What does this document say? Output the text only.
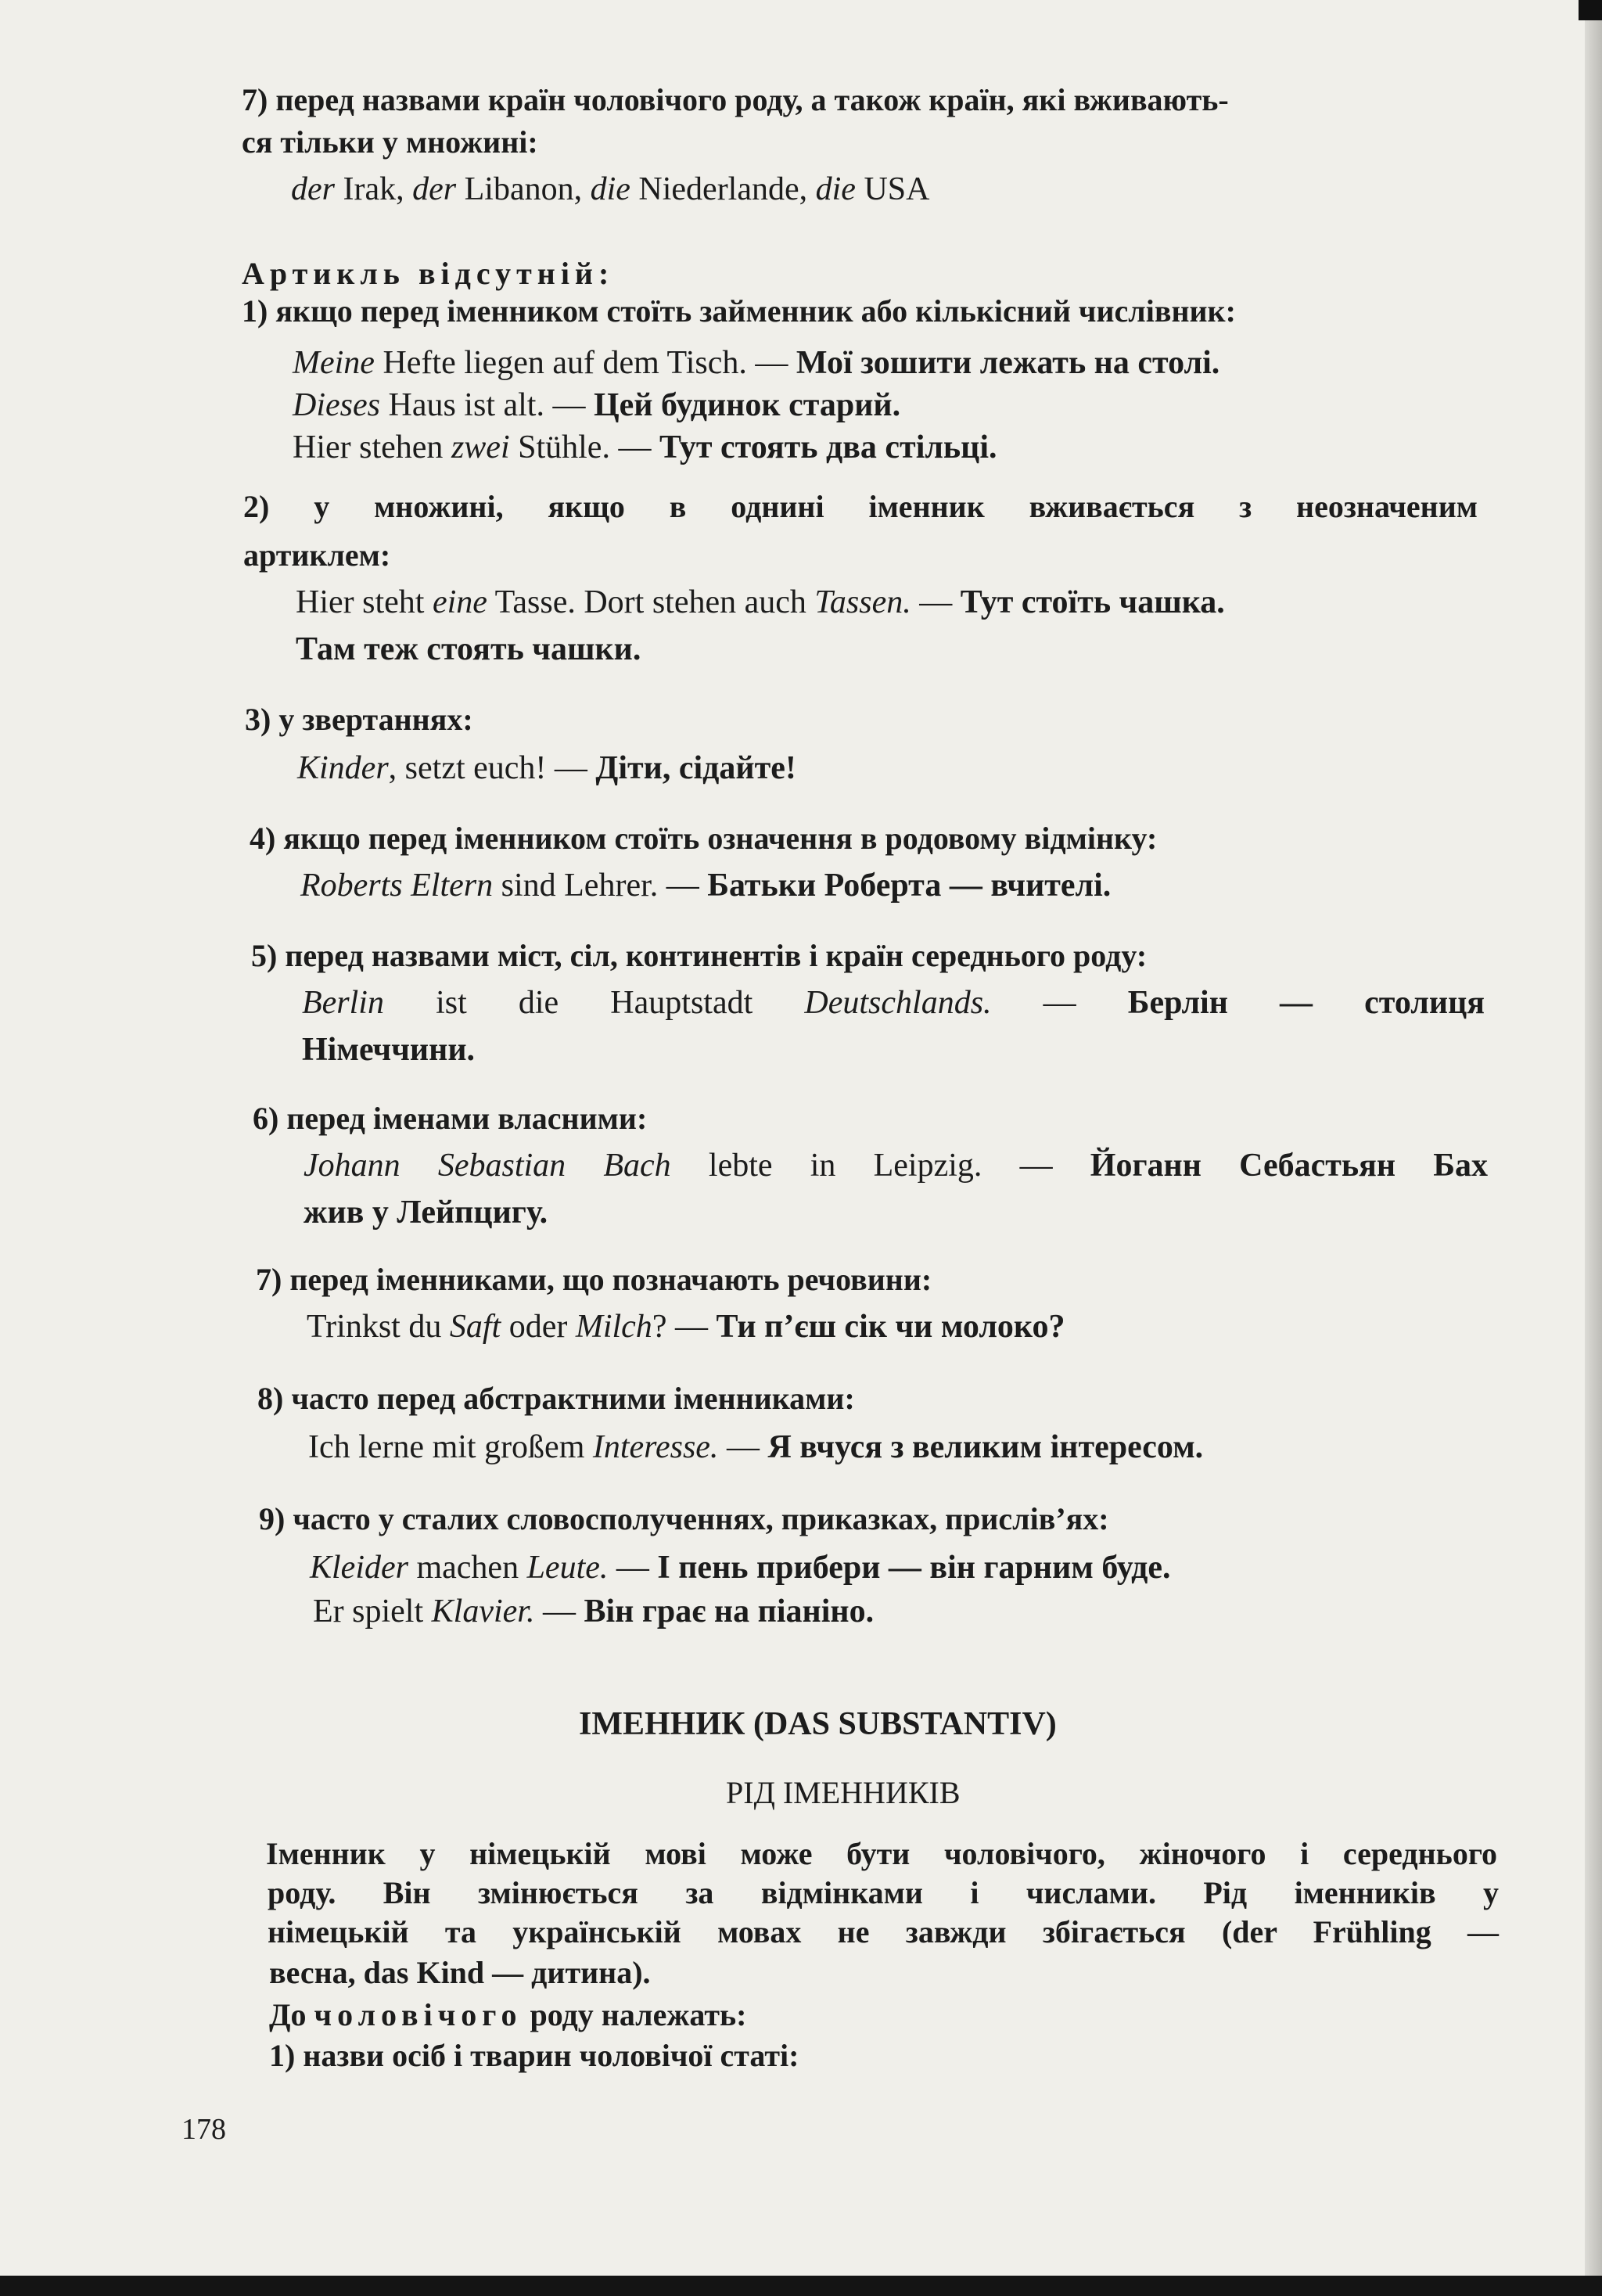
7) перед назвами країн чоловічого роду, а також країн, які вживають-
ся тільки у множині:
der Irak, der Libanon, die Niederlande, die USA
Артикль відсутній:
1) якщо перед іменником стоїть займенник або кількісний числівник:
Meine Hefte liegen auf dem Tisch. — Мої зошити лежать на столі.
Dieses Haus ist alt. — Цей будинок старий.
Hier stehen zwei Stühle. — Тут стоять два стільці.
2) у множині, якщо в однині іменник вживається з неозначеним
артиклем:
Hier steht eine Tasse. Dort stehen auch Tassen. — Тут стоїть чашка.
Там теж стоять чашки.
3) у звертаннях:
Kinder, setzt euch! — Діти, сідайте!
4) якщо перед іменником стоїть означення в родовому відмінку:
Roberts Eltern sind Lehrer. — Батьки Роберта — вчителі.
5) перед назвами міст, сіл, континентів і країн середнього роду:
Berlin ist die Hauptstadt Deutschlands. — Берлін — столиця
Німеччини.
6) перед іменами власними:
Johann Sebastian Bach lebte in Leipzig. — Йоганн Себастьян Бах
жив у Лейпцигу.
7) перед іменниками, що позначають речовини:
Trinkst du Saft oder Milch? — Ти п’єш сік чи молоко?
8) часто перед абстрактними іменниками:
Ich lerne mit großem Interesse. — Я вчуся з великим інтересом.
9) часто у сталих словосполученнях, приказках, прислів’ях:
Kleider machen Leute. — І пень прибери — він гарним буде.
Er spielt Klavier. — Він грає на піаніно.
ІМЕННИК (DAS SUBSTANTIV)
РІД ІМЕННИКІВ
Іменник у німецькій мові може бути чоловічого, жіночого і середнього
роду. Він змінюється за відмінками і числами. Рід іменників у
німецькій та українській мовах не завжди збігається (der Frühling —
весна, das Kind — дитина).
До чоловічого роду належать:
1) назви осіб і тварин чоловічої статі:
178
